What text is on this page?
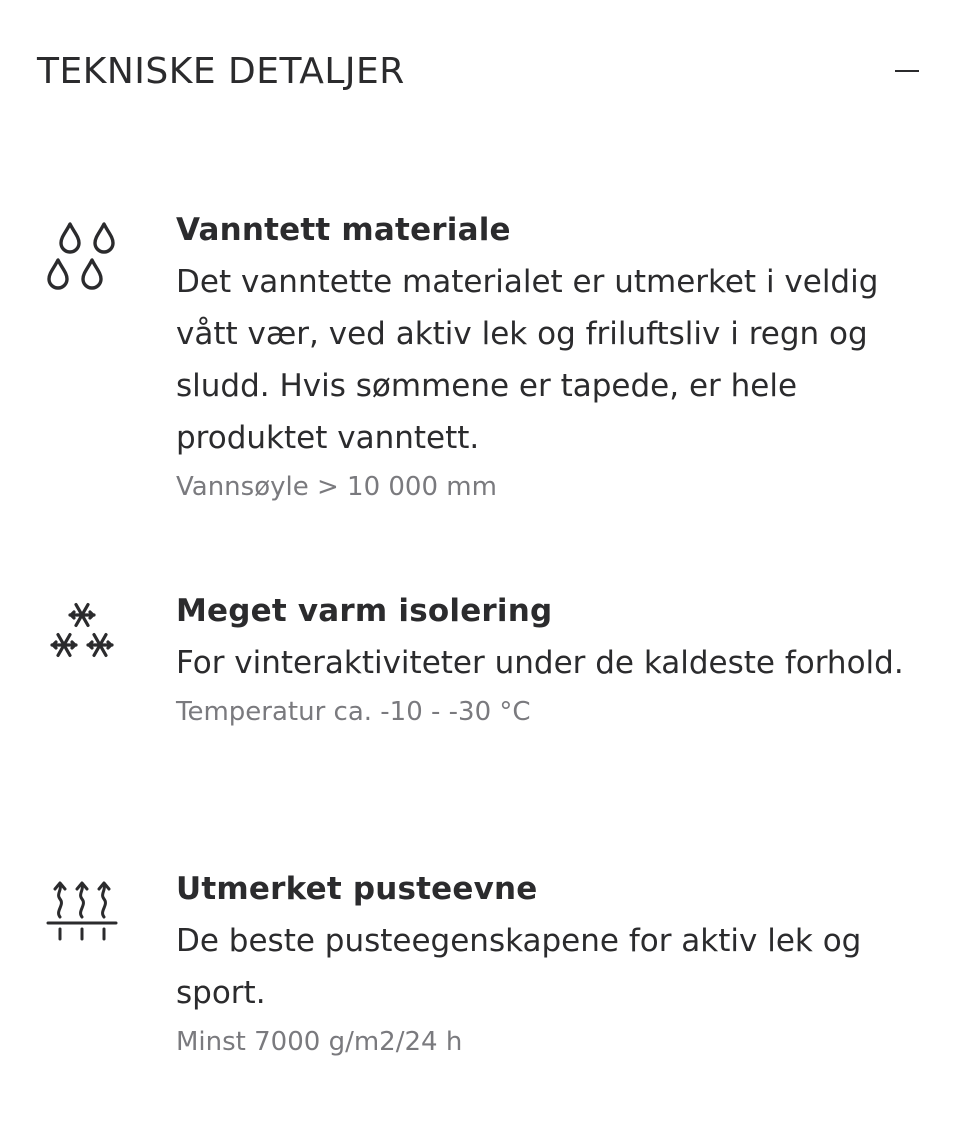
TEKNISKE DETALJER
Vanntett materiale
Det vanntette materialet er utmerket i veldig vått vær, ved aktiv lek og friluftsliv i regn og sludd. Hvis sømmene er tapede, er hele produktet vanntett.
Vannsøyle > 10 000 mm
Meget varm isolering
For vinteraktiviteter under de kaldeste forhold.
Temperatur ca. -10 - -30 °C
Utmerket pusteevne
De beste pusteegenskapene for aktiv lek og sport.
Minst 7000 g/m2/24 h
